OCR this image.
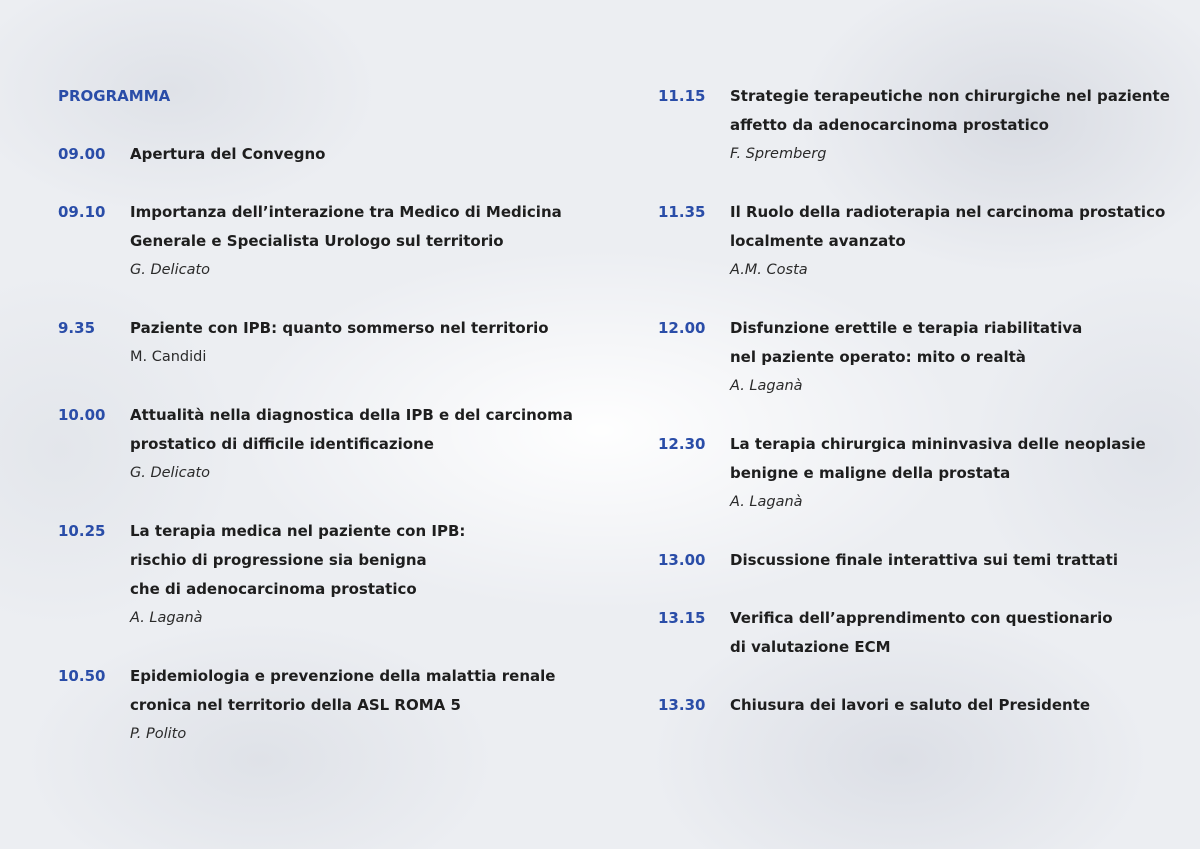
PROGRAMMA
09.00	Apertura del Convegno
09.10	Importanza dell’interazione tra Medico di Medicina
Generale e Specialista Urologo sul territorio
G. Delicato
9.35	Paziente con IPB: quanto sommerso nel territorio
M. Candidi
10.00	Attualità nella diagnostica della IPB e del carcinoma
prostatico di difficile identificazione
G. Delicato
10.25	La terapia medica nel paziente con IPB:
rischio di progressione sia benigna
che di adenocarcinoma prostatico
A. Laganà
10.50	Epidemiologia e prevenzione della malattia renale
cronica nel territorio della ASL ROMA 5
P. Polito
11.15	Strategie terapeutiche non chirurgiche nel paziente
affetto da adenocarcinoma prostatico
F. Spremberg
11.35	Il Ruolo della radioterapia nel carcinoma prostatico
localmente avanzato
A.M. Costa
12.00	Disfunzione erettile e terapia riabilitativa
nel paziente operato: mito o realtà
A. Laganà
12.30	La terapia chirurgica mininvasiva delle neoplasie
benigne e maligne della prostata
A. Laganà
13.00	Discussione finale interattiva sui temi trattati
13.15	Verifica dell’apprendimento con questionario
di valutazione ECM
13.30	Chiusura dei lavori e saluto del Presidente
